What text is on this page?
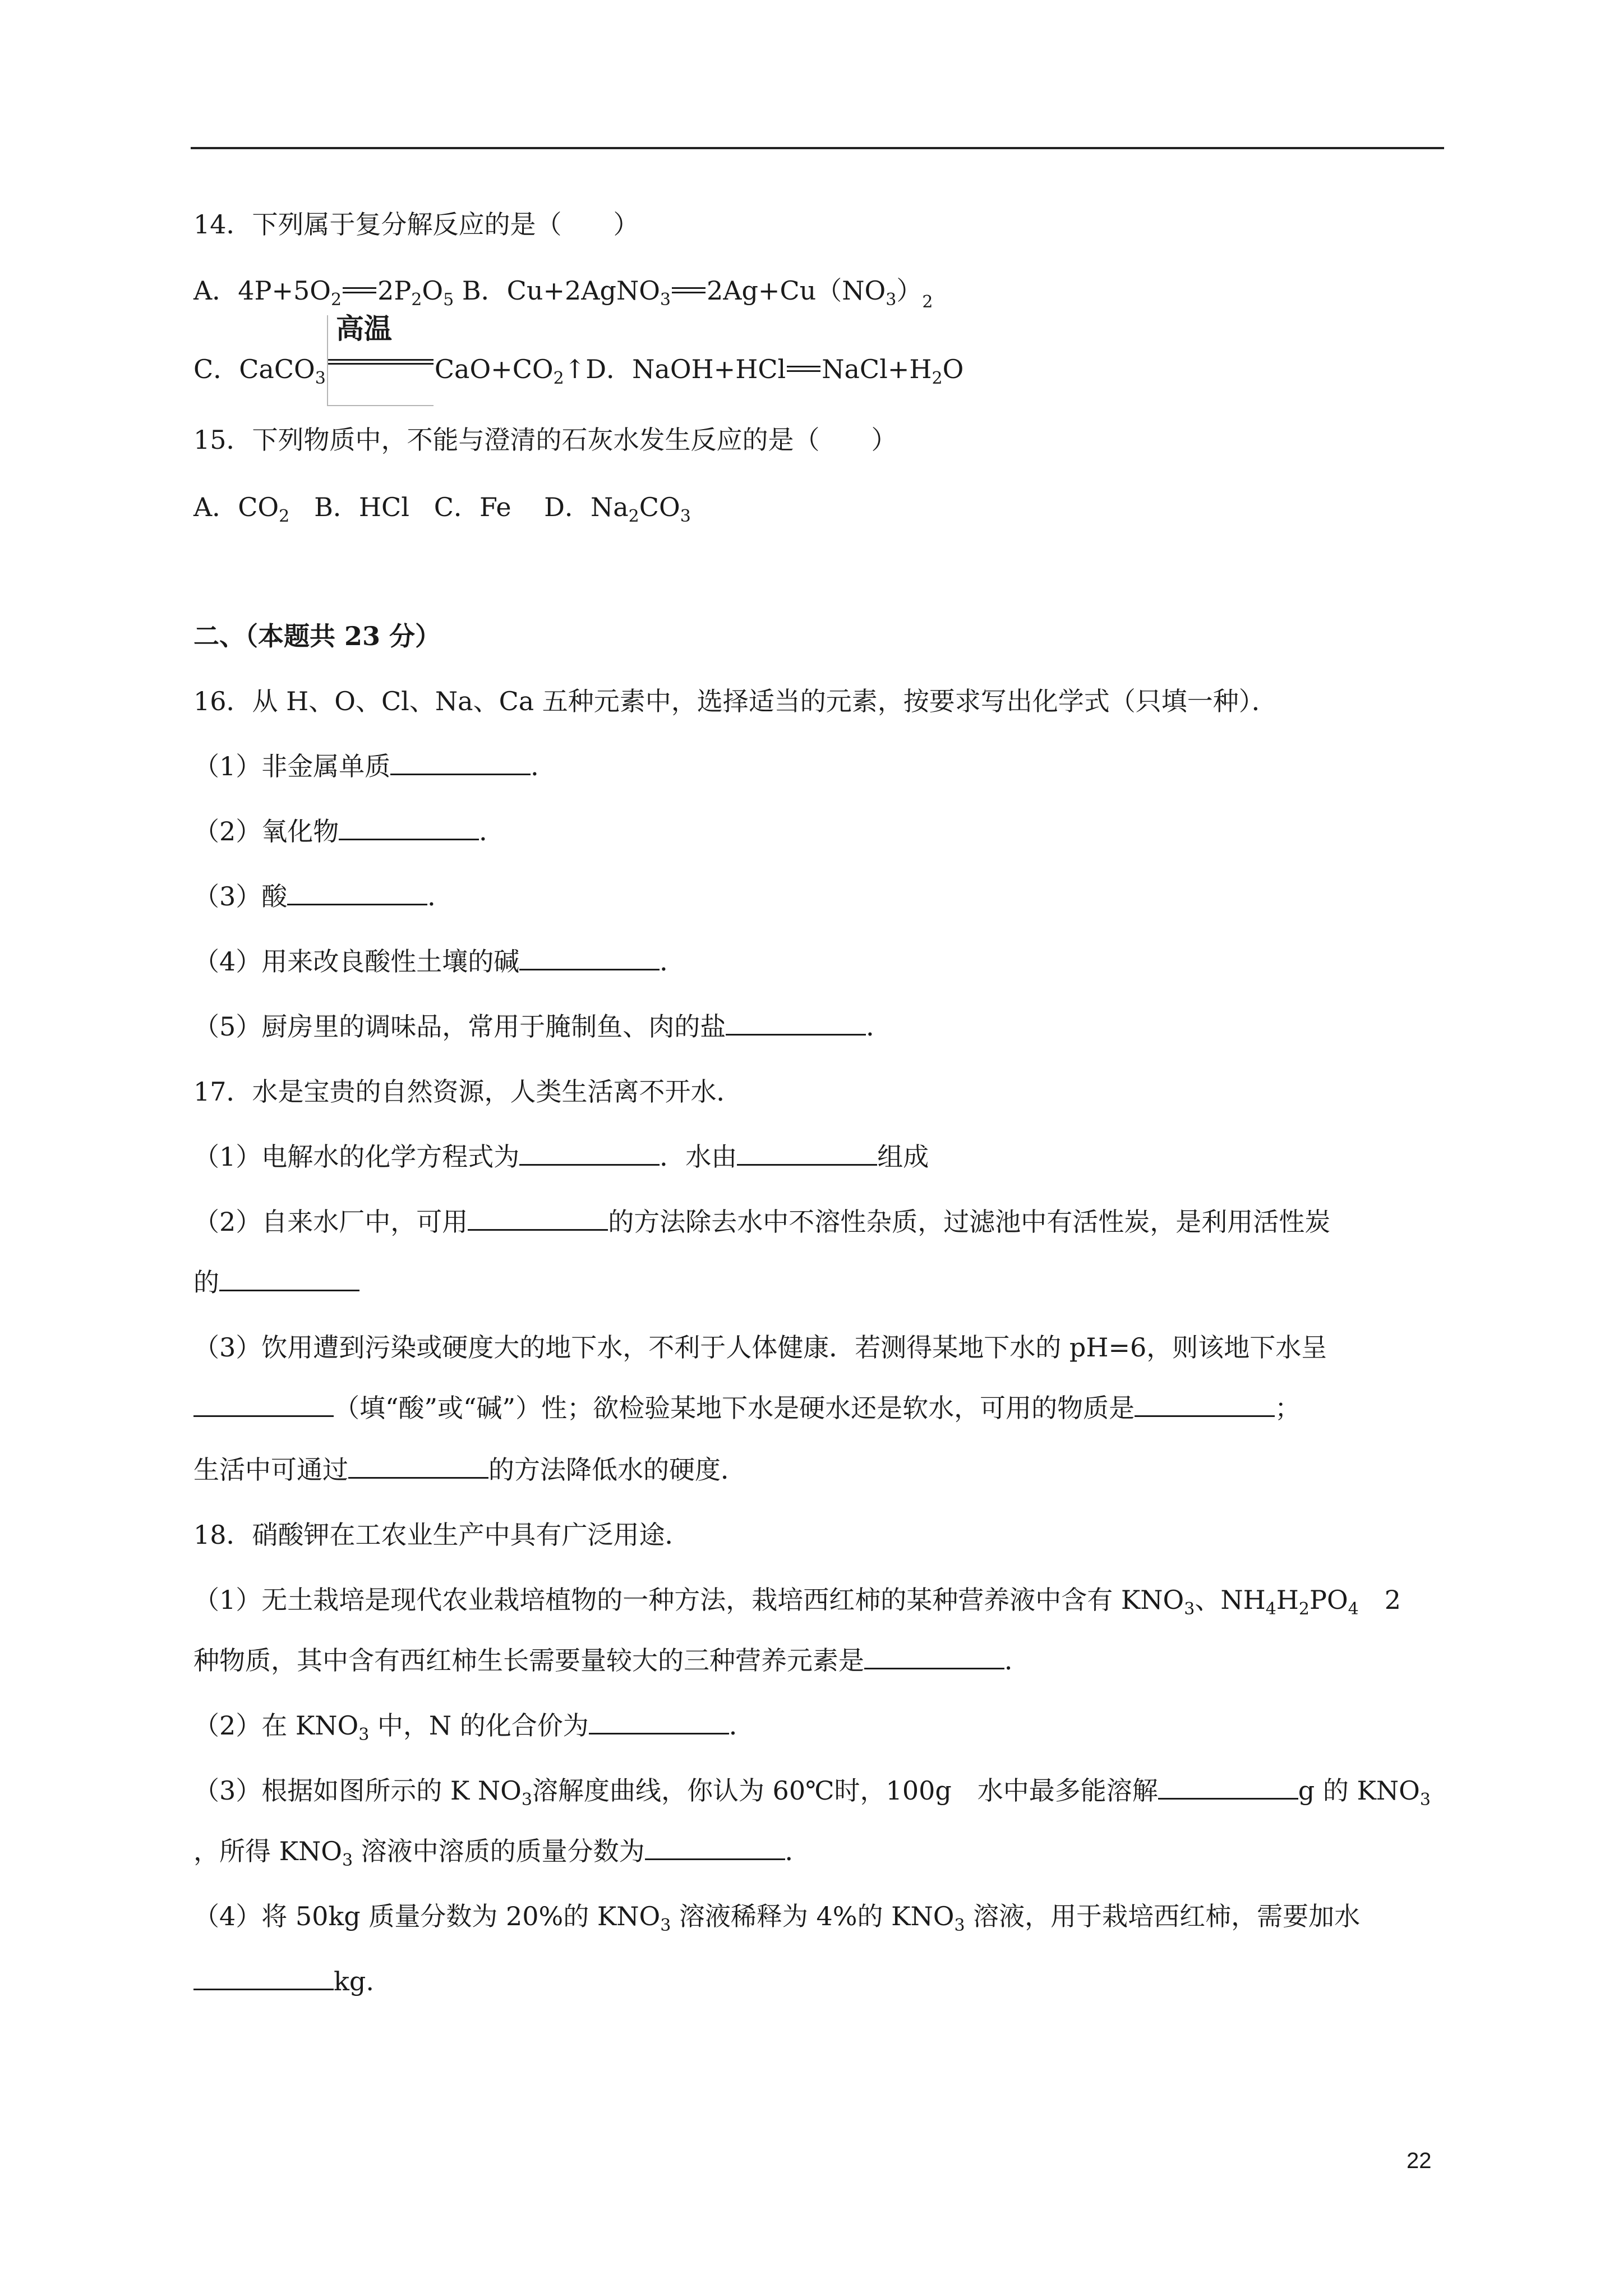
14．下列属于复分解反应的是（　　）
A．$4P+5O_2$ $2P_2O_5$ B．Cu+2AgNO$_3$ $2Ag+Cu(NO_3)_2$
C．CaCO$_3$
高温
$CaO+CO_2↑D$．NaOH+HCl $NaCl+H_2O$
15．下列物质中，不能与澄清的石灰水发生反应的是（　　）
A．$CO_2$   B．HCl   C．Fe    D．$Na_2CO_3$
二、（本题共 23 分）
16．从 H、O、Cl、Na、Ca 五种元素中，选择适当的元素，按要求写出化学式（只填一种）．
（1）非金属单质	．
（2）氧化物	．
（3）酸	．
（4）用来改良酸性土壤的碱	．
（5）厨房里的调味品，常用于腌制鱼、肉的盐	．
17．水是宝贵的自然资源，人类生活离不开水．
（1）电解水的化学方程式为	．水由	组成
（2）自来水厂中，可用	的方法除去水中不溶性杂质，过滤池中有活性炭，是利用活性炭
的
（3）饮用遭到污染或硬度大的地下水，不利于人体健康．若测得某地下水的 pH=6，则该地下水呈
（填“酸”或“碱”）性；欲检验某地下水是硬水还是软水，可用的物质是	；
生活中可通过	的方法降低水的硬度．
18．硝酸钾在工农业生产中具有广泛用途．
（1）无土栽培是现代农业栽培植物的一种方法，栽培西红柿的某种营养液中含有 $KNO_3$、$NH_4H_2PO_4$　2
种物质，其中含有西红柿生长需要量较大的三种营养元素是	．
（2）在 $KNO_3$ 中，N 的化合价为	．
（3）根据如图所示的 K $NO_3$溶解度曲线，你认为 60℃时，100g　水中最多能溶解	g 的 $KNO_3$
，所得 $KNO_3$ 溶液中溶质的质量分数为	．
（4）将 50kg 质量分数为 20%的 $KNO_3$ 溶液稀释为 4%的 $KNO_3$ 溶液，用于栽培西红柿，需要加水
kg.
22
